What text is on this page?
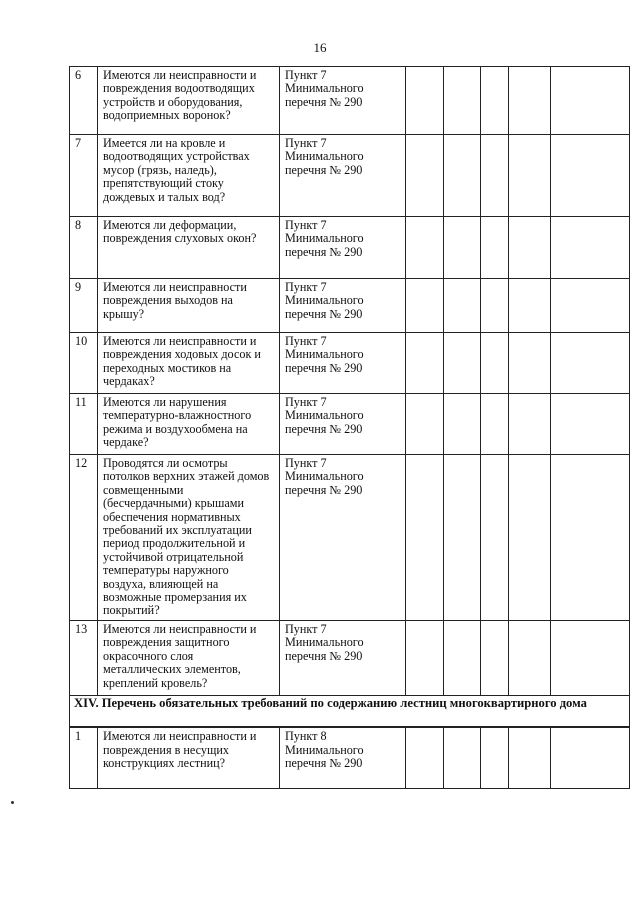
16
6	Имеются ли неисправности и повреждения водоотводящих устройств и оборудования, водоприемных воронок?	Пункт 7 Минимального перечня № 290					
7	Имеется ли на кровле и водоотводящих устройствах мусор (грязь, наледь), препятствующий стоку дождевых и талых вод?	Пункт 7 Минимального перечня № 290					
8	Имеются ли деформации, повреждения слуховых окон?	Пункт 7 Минимального перечня № 290					
9	Имеются ли неисправности повреждения выходов на крышу?	Пункт 7 Минимального перечня № 290					
10	Имеются ли неисправности и повреждения ходовых досок и переходных мостиков на чердаках?	Пункт 7 Минимального перечня № 290					
11	Имеются ли нарушения температурно-влажностного режима и воздухообмена на чердаке?	Пункт 7 Минимального перечня № 290					
12	Проводятся ли осмотры потолков верхних этажей домов совмещенными (бесчердачными) крышами обеспечения нормативных требований их эксплуатации период продолжительной и устойчивой отрицательной температуры наружного воздуха, влияющей на возможные промерзания их покрытий?	Пункт 7 Минимального перечня № 290					
13	Имеются ли неисправности и повреждения защитного окрасочного слоя металлических элементов, креплений кровель?	Пункт 7 Минимального перечня № 290					
XIV. Перечень обязательных требований по содержанию лестниц многоквартирного дома							
1	Имеются ли неисправности и повреждения в несущих конструкциях лестниц?	Пункт 8 Минимального перечня № 290					
